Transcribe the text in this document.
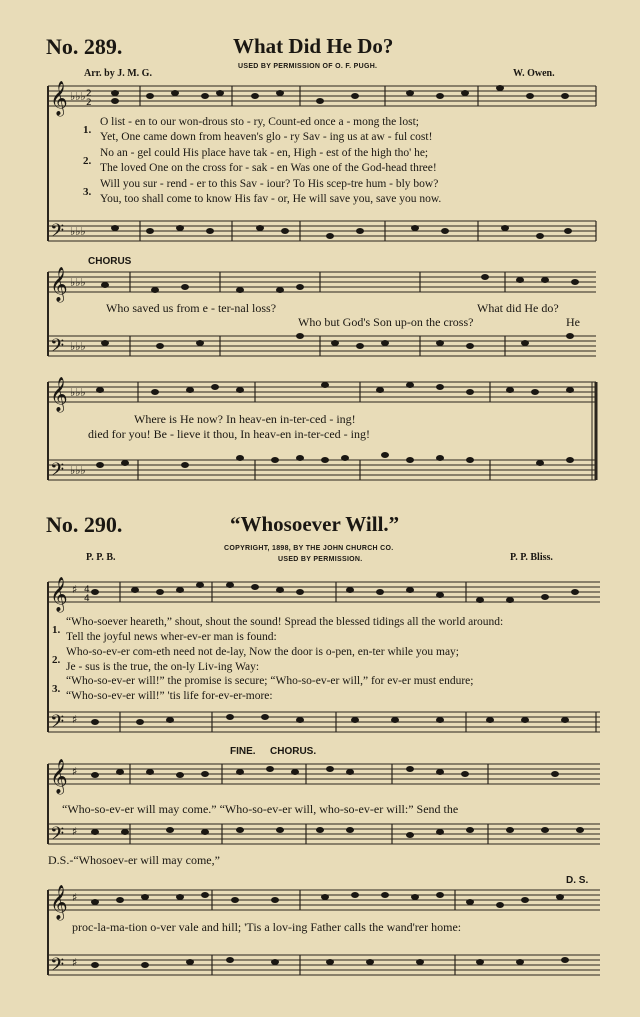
No. 289.	What Did He Do?
USED BY PERMISSION OF O. F. PUGH.
Arr. by J. M. G.	W. Owen.
𝄞
𝄢
𝄞
𝄢
𝄞
𝄢
𝄞
𝄢
𝄞
𝄢
𝄞
𝄢
♭♭♭ 2
2
♭♭♭
♭♭♭
♭♭♭
♭♭♭
♭♭♭
♯ 4
4
♯
♯
♯
♯
♯
1.
O list - en to our won-drous sto - ry, Count-ed once a - mong the lost;
Yet, One came down from heaven's glo - ry Sav - ing us at aw - ful cost!
2.
No an - gel could His place have tak - en, High - est of the high tho' he;
The loved One on the cross for - sak - en Was one of the God-head three!
3.
Will you sur - rend - er to this Sav - iour? To His scep-tre hum - bly bow?
You, too shall come to know His fav - or, He will save you, save you now.
CHORUS
Who saved us from e - ter-nal loss?	What did He do?
Who but God's Son up-on the cross?	He
Where is He now? In heav-en in-ter-ced - ing!
died for you! Be - lieve it thou, In heav-en in-ter-ced - ing!
No. 290.	“Whosoever Will.”
COPYRIGHT, 1898, BY THE JOHN CHURCH CO.
USED BY PERMISSION.
P. P. B.	P. P. Bliss.
1.
“Who-soever heareth,” shout, shout the sound! Spread the blessed tidings all the world around:
Tell the joyful news wher-ev-er man is found:
2.
Who-so-ev-er com-eth need not de-lay, Now the door is o-pen, en-ter while you may;
Je - sus is the true, the on-ly Liv-ing Way:
3.
“Who-so-ev-er will!” the promise is secure; “Who-so-ev-er will,” for ev-er must endure;
“Who-so-ev-er will!” 'tis life for-ev-er-more:
FINE. CHORUS.
“Who-so-ev-er will may come.” “Who-so-ev-er will, who-so-ev-er will:” Send the
D.S.-“Whosoev-er will may come,”
D. S.
proc-la-ma-tion o-ver vale and hill; 'Tis a lov-ing Father calls the wand'rer home:
